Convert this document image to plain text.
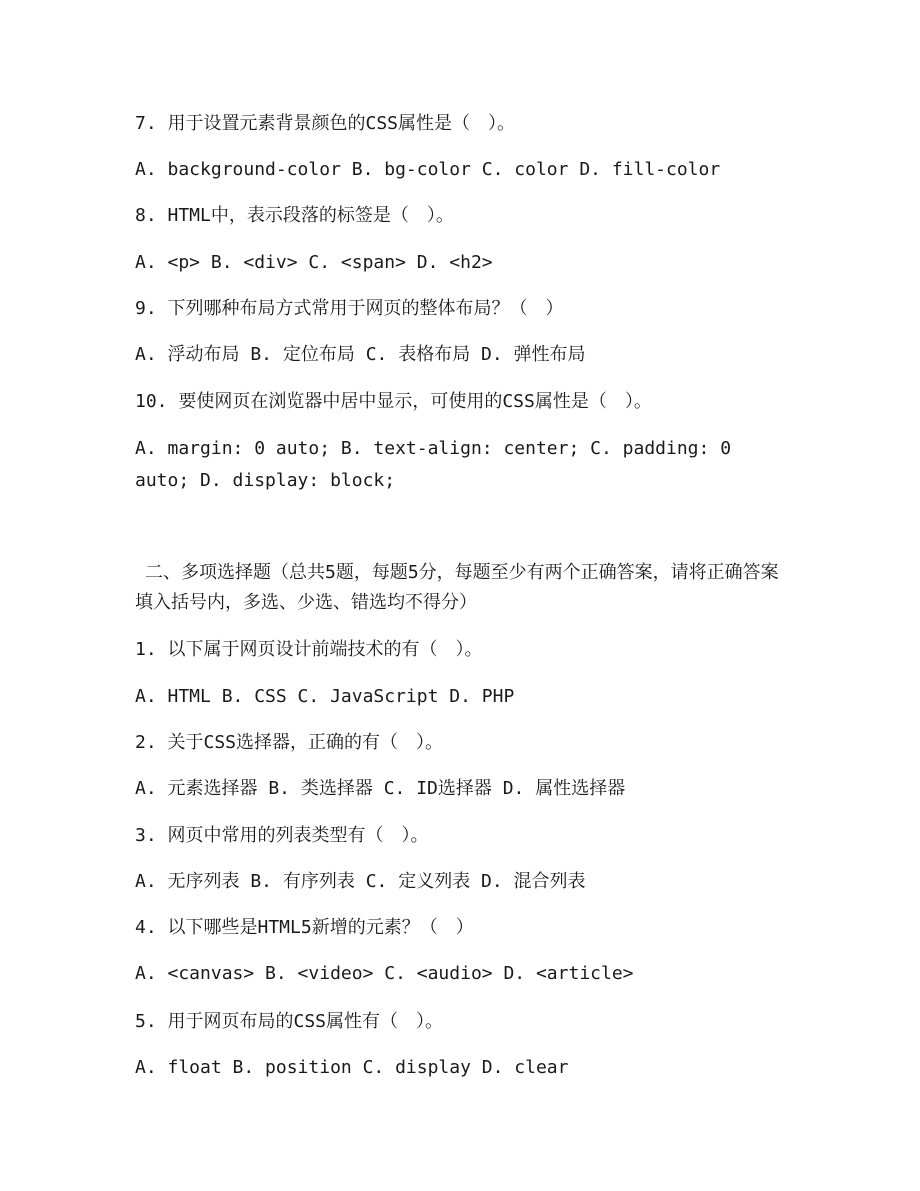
7. 用于设置元素背景颜色的CSS属性是（　）。
A. background-color B. bg-color C. color D. fill-color
8. HTML中，表示段落的标签是（　）。
A. <p> B. <div> C. <span> D. <h2>
9. 下列哪种布局方式常用于网页的整体布局？（　）
A. 浮动布局 B. 定位布局 C. 表格布局 D. 弹性布局
10. 要使网页在浏览器中居中显示，可使用的CSS属性是（　）。
A. margin: 0 auto; B. text-align: center; C. padding: 0 auto; D. display: block;
二、多项选择题（总共5题，每题5分，每题至少有两个正确答案，请将正确答案填入括号内，多选、少选、错选均不得分）
1. 以下属于网页设计前端技术的有（　）。
A. HTML B. CSS C. JavaScript D. PHP
2. 关于CSS选择器，正确的有（　）。
A. 元素选择器 B. 类选择器 C. ID选择器 D. 属性选择器
3. 网页中常用的列表类型有（　）。
A. 无序列表 B. 有序列表 C. 定义列表 D. 混合列表
4. 以下哪些是HTML5新增的元素？（　）
A. <canvas> B. <video> C. <audio> D. <article>
5. 用于网页布局的CSS属性有（　）。
A. float B. position C. display D. clear
